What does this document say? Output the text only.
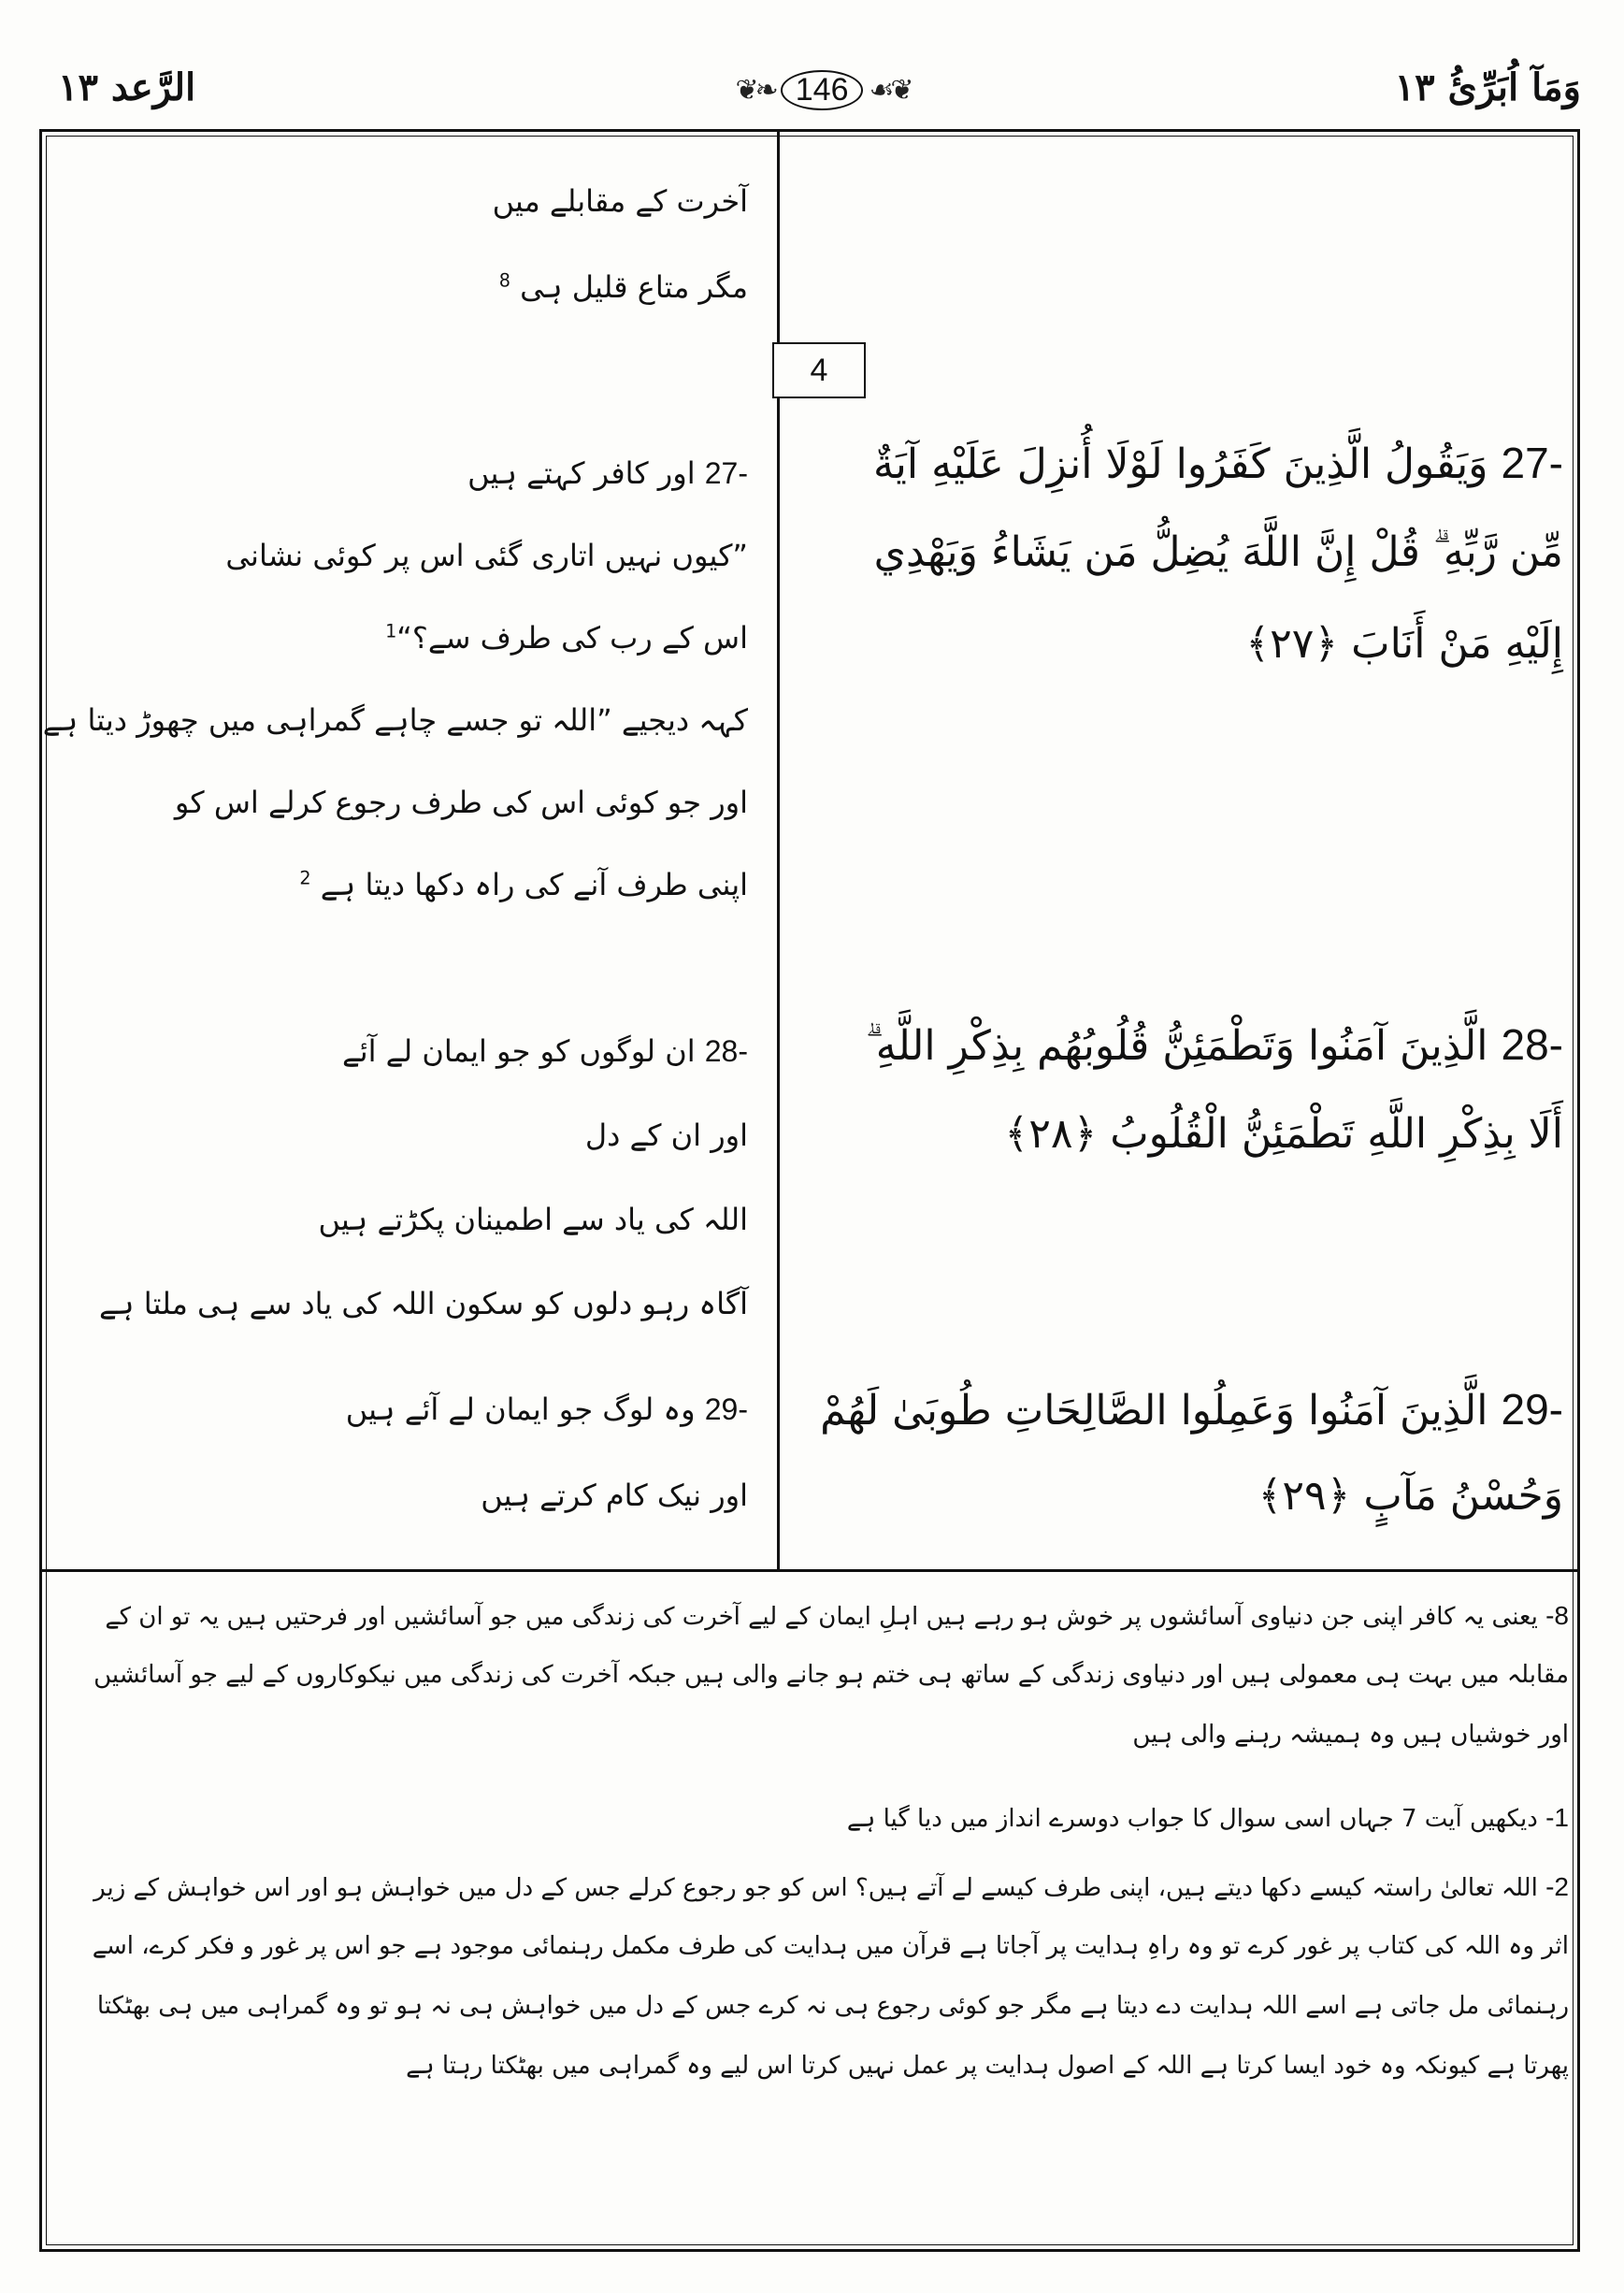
وَمَآ اُبَرِّئُ ۱۳
❦❧ 146 ☙❦
الرَّعد ۱۳
4
27- وَيَقُولُ الَّذِينَ كَفَرُوا لَوْلَا أُنزِلَ عَلَيْهِ آيَةٌ
مِّن رَّبِّهِ ۗ قُلْ إِنَّ اللَّهَ يُضِلُّ مَن يَشَاءُ وَيَهْدِي
إِلَيْهِ مَنْ أَنَابَ ﴿٢٧﴾
28- الَّذِينَ آمَنُوا وَتَطْمَئِنُّ قُلُوبُهُم بِذِكْرِ اللَّهِ ۗ
أَلَا بِذِكْرِ اللَّهِ تَطْمَئِنُّ الْقُلُوبُ ﴿٢٨﴾
29- الَّذِينَ آمَنُوا وَعَمِلُوا الصَّالِحَاتِ طُوبَىٰ لَهُمْ
وَحُسْنُ مَآبٍ ﴿٢٩﴾
آخرت کے مقابلے میں
مگر متاع قلیل ہی $^8$
27- اور کافر کہتے ہیں
”کیوں نہیں اتاری گئی اس پر کوئی نشانی
اس کے رب کی طرف سے؟“$^1$
کہہ دیجیے ”اللہ تو جسے چاہے گمراہی میں چھوڑ دیتا ہے
اور جو کوئی اس کی طرف رجوع کرلے اس کو
اپنی طرف آنے کی راہ دکھا دیتا ہے $^2$
28- ان لوگوں کو جو ایمان لے آئے
اور ان کے دل
اللہ کی یاد سے اطمینان پکڑتے ہیں
آگاہ رہو دلوں کو سکون اللہ کی یاد سے ہی ملتا ہے
29- وہ لوگ جو ایمان لے آئے ہیں
اور نیک کام کرتے ہیں
-8 یعنی یہ کافر اپنی جن دنیاوی آسائشوں پر خوش ہو رہے ہیں اہلِ ایمان کے لیے آخرت کی زندگی میں جو آسائشیں اور فرحتیں ہیں یہ تو ان کے
مقابلہ میں بہت ہی معمولی ہیں اور دنیاوی زندگی کے ساتھ ہی ختم ہو جانے والی ہیں جبکہ آخرت کی زندگی میں نیکوکاروں کے لیے جو آسائشیں
اور خوشیاں ہیں وہ ہمیشہ رہنے والی ہیں
-1 دیکھیں آیت 7 جہاں اسی سوال کا جواب دوسرے انداز میں دیا گیا ہے
-2 اللہ تعالیٰ راستہ کیسے دکھا دیتے ہیں، اپنی طرف کیسے لے آتے ہیں؟ اس کو جو رجوع کرلے جس کے دل میں خواہش ہو اور اس خواہش کے زیر
اثر وہ اللہ کی کتاب پر غور کرے تو وہ راہِ ہدایت پر آجاتا ہے قرآن میں ہدایت کی طرف مکمل رہنمائی موجود ہے جو اس پر غور و فکر کرے، اسے
رہنمائی مل جاتی ہے اسے اللہ ہدایت دے دیتا ہے مگر جو کوئی رجوع ہی نہ کرے جس کے دل میں خواہش ہی نہ ہو تو وہ گمراہی میں ہی بھٹکتا
پھرتا ہے کیونکہ وہ خود ایسا کرتا ہے اللہ کے اصول ہدایت پر عمل نہیں کرتا اس لیے وہ گمراہی میں بھٹکتا رہتا ہے
